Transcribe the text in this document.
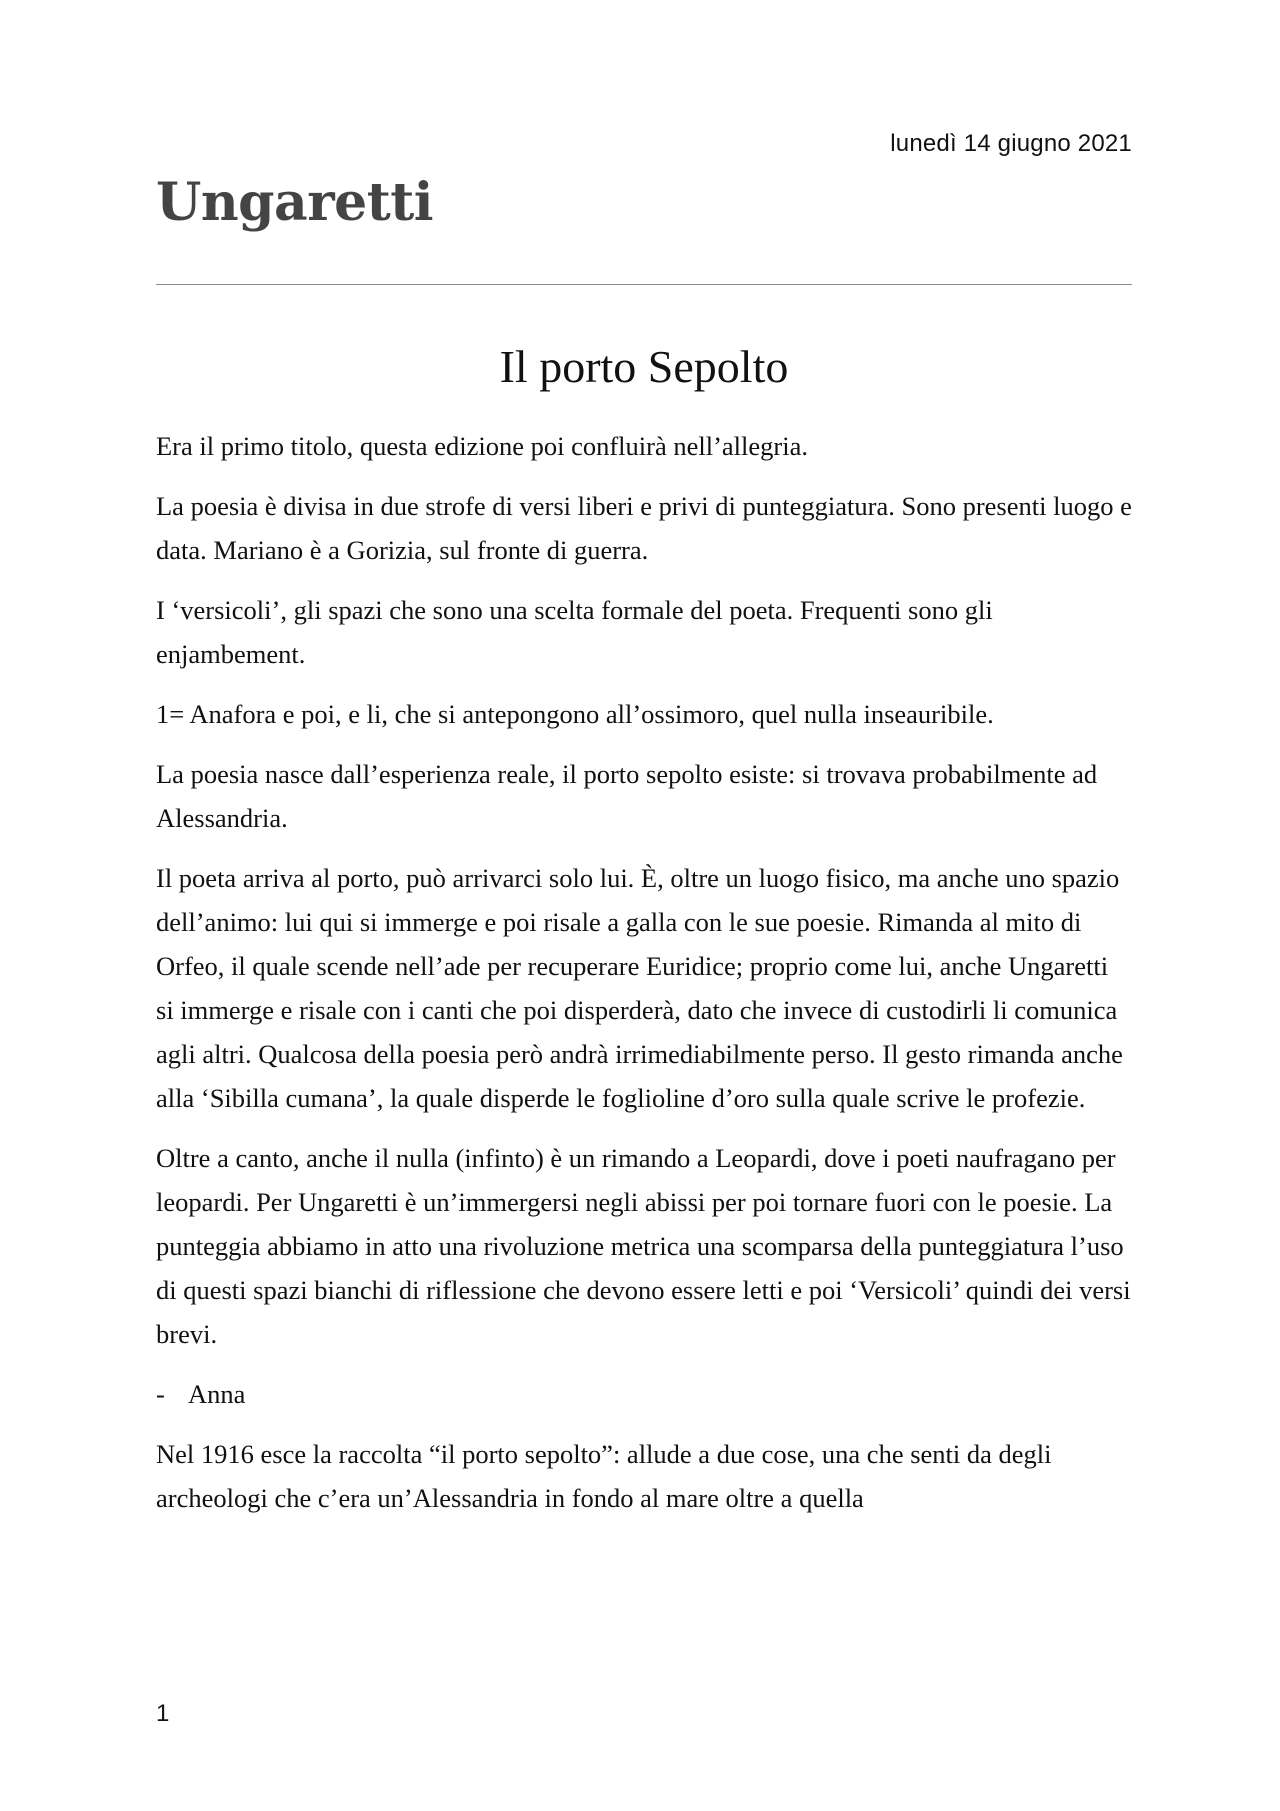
lunedì 14 giugno 2021
Ungaretti
Il porto Sepolto

Era il primo titolo, questa edizione poi confluirà nell’allegria.

La poesia è divisa in due strofe di versi liberi e privi di punteggiatura. Sono presenti luogo e data. Mariano è a Gorizia, sul fronte di guerra.

I ‘versicoli’, gli spazi che sono una scelta formale del poeta. Frequenti sono gli enjambement.

1= Anafora e poi, e li, che si antepongono all’ossimoro, quel nulla inseauribile.

La poesia nasce dall’esperienza reale, il porto sepolto esiste: si trovava probabilmente ad Alessandria.

Il poeta arriva al porto, può arrivarci solo lui. È, oltre un luogo fisico, ma anche uno spazio dell’animo: lui qui si immerge e poi risale a galla con le sue poesie. Rimanda al mito di Orfeo, il quale scende nell’ade per recuperare Euridice; proprio come lui, anche Ungaretti si immerge e risale con i canti che poi disperderà, dato che invece di custodirli li comunica agli altri. Qualcosa della poesia però andrà irrimediabilmente perso. Il gesto rimanda anche alla ‘Sibilla cumana’, la quale disperde le foglioline d’oro sulla quale scrive le profezie.

Oltre a canto, anche il nulla (infinto) è un rimando a Leopardi, dove i poeti naufragano per leopardi. Per Ungaretti è un’immergersi negli abissi per poi tornare fuori con le poesie. La punteggia abbiamo in atto una rivoluzione metrica una scomparsa della punteggiatura l’uso di questi spazi bianchi di riflessione che devono essere letti e poi ‘Versicoli’ quindi dei versi brevi.

- Anna

Nel 1916 esce la raccolta “il porto sepolto”: allude a due cose, una che senti da degli archeologi che c’era un’Alessandria in fondo al mare oltre a quella

1
